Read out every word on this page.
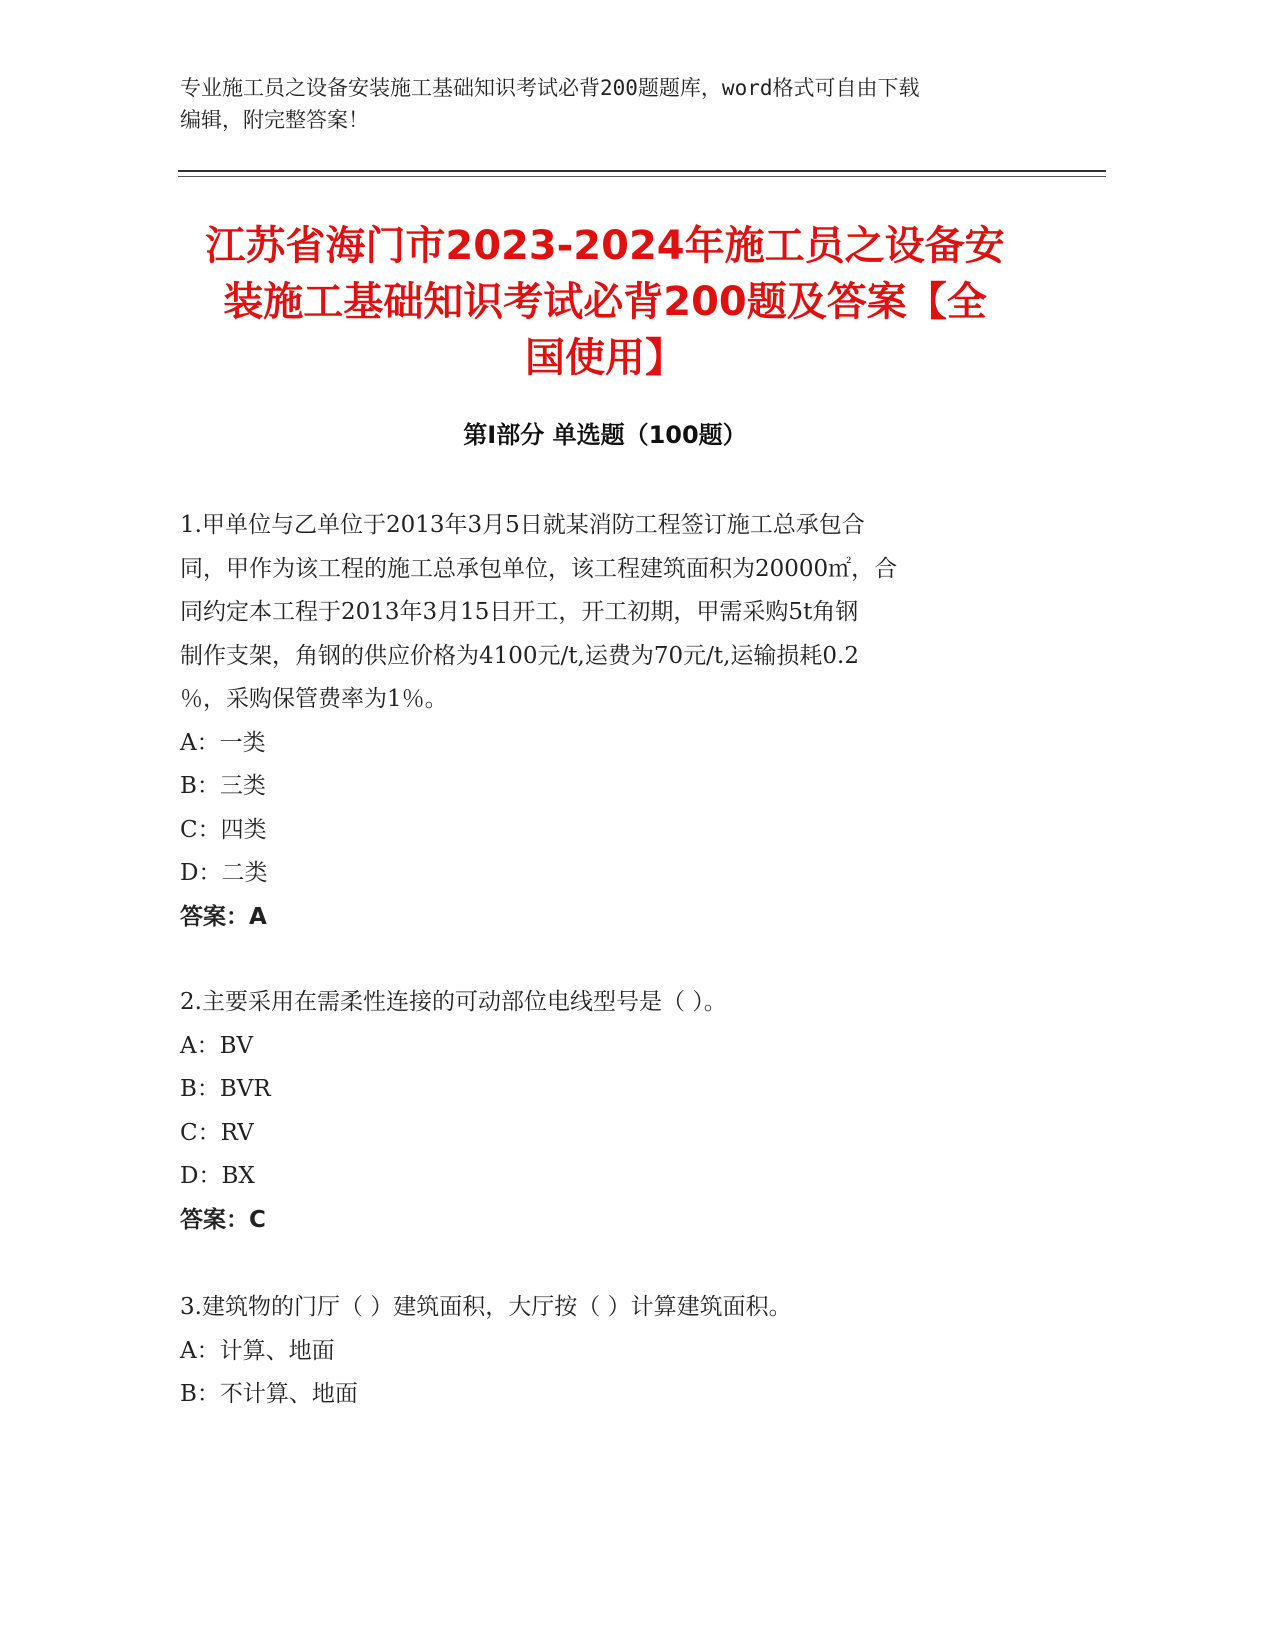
专业施工员之设备安装施工基础知识考试必背200题题库，word格式可自由下载
编辑，附完整答案！
江苏省海门市2023-2024年施工员之设备安
装施工基础知识考试必背200题及答案【全
国使用】
第Ⅰ部分 单选题（100题）
1.甲单位与乙单位于2013年3月5日就某消防工程签订施工总承包合
同，甲作为该工程的施工总承包单位，该工程建筑面积为20000㎡，合
同约定本工程于2013年3月15日开工，开工初期，甲需采购5t角钢
制作支架，角钢的供应价格为4100元/t,运费为70元/t,运输损耗0.2
％，采购保管费率为1％。
A：一类
B：三类
C：四类
D：二类
答案：A
2.主要采用在需柔性连接的可动部位电线型号是（ ）。
A：BV
B：BVR
C：RV
D：BX
答案：C
3.建筑物的门厅（ ）建筑面积，大厅按（ ）计算建筑面积。
A：计算、地面
B：不计算、地面
